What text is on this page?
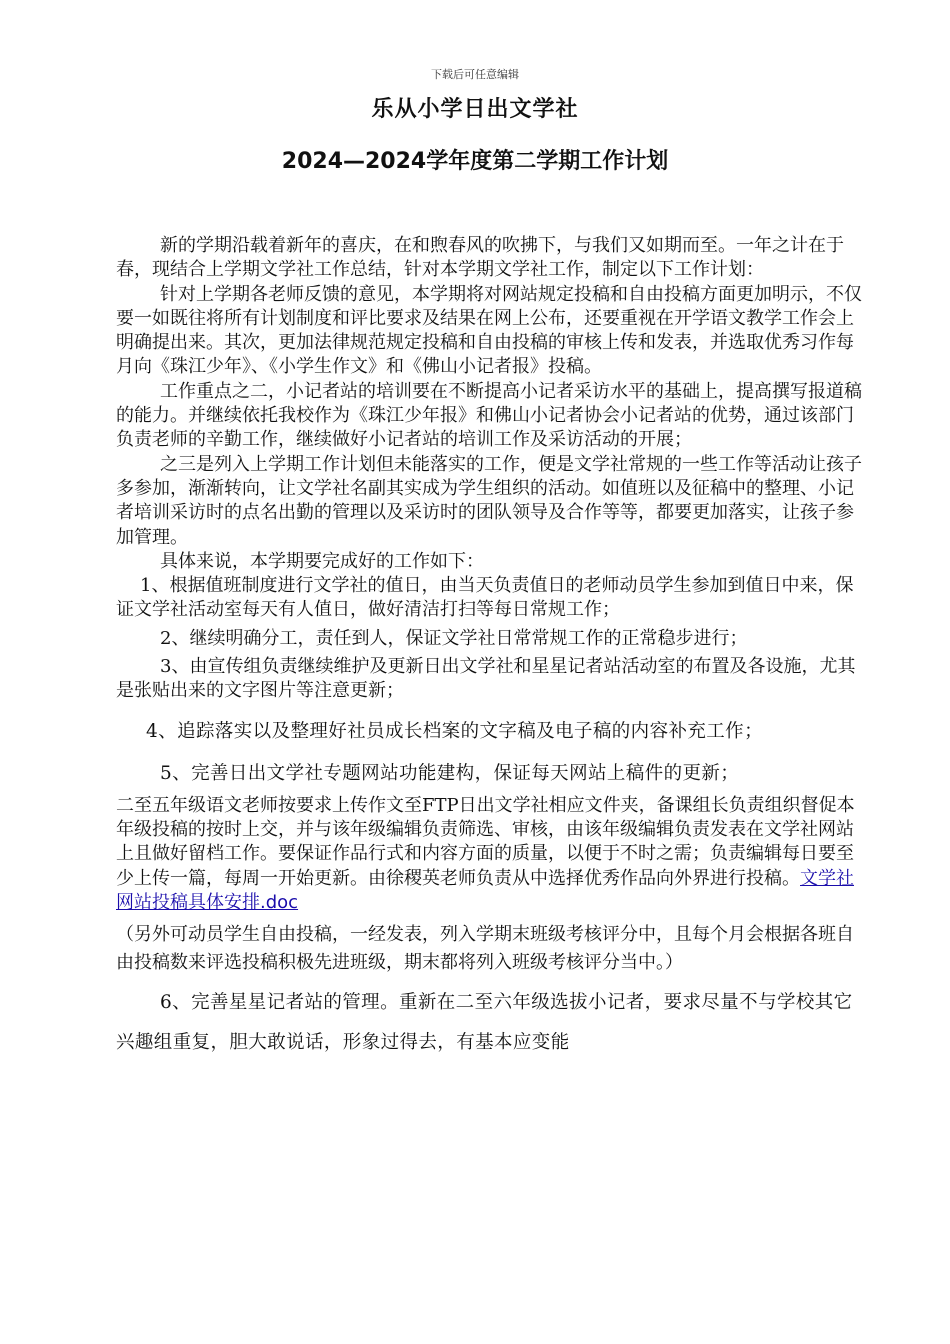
下载后可任意编辑
乐从小学日出文学社
2024—2024学年度第二学期工作计划

新的学期沿载着新年的喜庆，在和煦春风的吹拂下，与我们又如期而至。一年之计在于春，现结合上学期文学社工作总结，针对本学期文学社工作，制定以下工作计划：

针对上学期各老师反馈的意见，本学期将对网站规定投稿和自由投稿方面更加明示，不仅要一如既往将所有计划制度和评比要求及结果在网上公布，还要重视在开学语文教学工作会上明确提出来。其次，更加法律规范规定投稿和自由投稿的审核上传和发表，并选取优秀习作每月向《珠江少年》、《小学生作文》和《佛山小记者报》投稿。

工作重点之二，小记者站的培训要在不断提高小记者采访水平的基础上，提高撰写报道稿的能力。并继续依托我校作为《珠江少年报》和佛山小记者协会小记者站的优势，通过该部门负责老师的辛勤工作，继续做好小记者站的培训工作及采访活动的开展；

之三是列入上学期工作计划但未能落实的工作，便是文学社常规的一些工作等活动让孩子多参加，渐渐转向，让文学社名副其实成为学生组织的活动。如值班以及征稿中的整理、小记者培训采访时的点名出勤的管理以及采访时的团队领导及合作等等，都要更加落实，让孩子参加管理。

具体来说，本学期要完成好的工作如下：

1、根据值班制度进行文学社的值日，由当天负责值日的老师动员学生参加到值日中来，保证文学社活动室每天有人值日，做好清洁打扫等每日常规工作；

2、继续明确分工，责任到人，保证文学社日常常规工作的正常稳步进行；

3、由宣传组负责继续维护及更新日出文学社和星星记者站活动室的布置及各设施，尤其是张贴出来的文字图片等注意更新；

4、追踪落实以及整理好社员成长档案的文字稿及电子稿的内容补充工作；

5、完善日出文学社专题网站功能建构，保证每天网站上稿件的更新；

二至五年级语文老师按要求上传作文至FTP日出文学社相应文件夹，备课组长负责组织督促本年级投稿的按时上交，并与该年级编辑负责筛选、审核，由该年级编辑负责发表在文学社网站上且做好留档工作。要保证作品行式和内容方面的质量，以便于不时之需；负责编辑每日要至少上传一篇，每周一开始更新。由徐稷英老师负责从中选择优秀作品向外界进行投稿。文学社网站投稿具体安排.doc

（另外可动员学生自由投稿，一经发表，列入学期末班级考核评分中，且每个月会根据各班自由投稿数来评选投稿积极先进班级，期末都将列入班级考核评分当中。）

6、完善星星记者站的管理。重新在二至六年级选拔小记者，要求尽量不与学校其它兴趣组重复，胆大敢说话，形象过得去，有基本应变能
